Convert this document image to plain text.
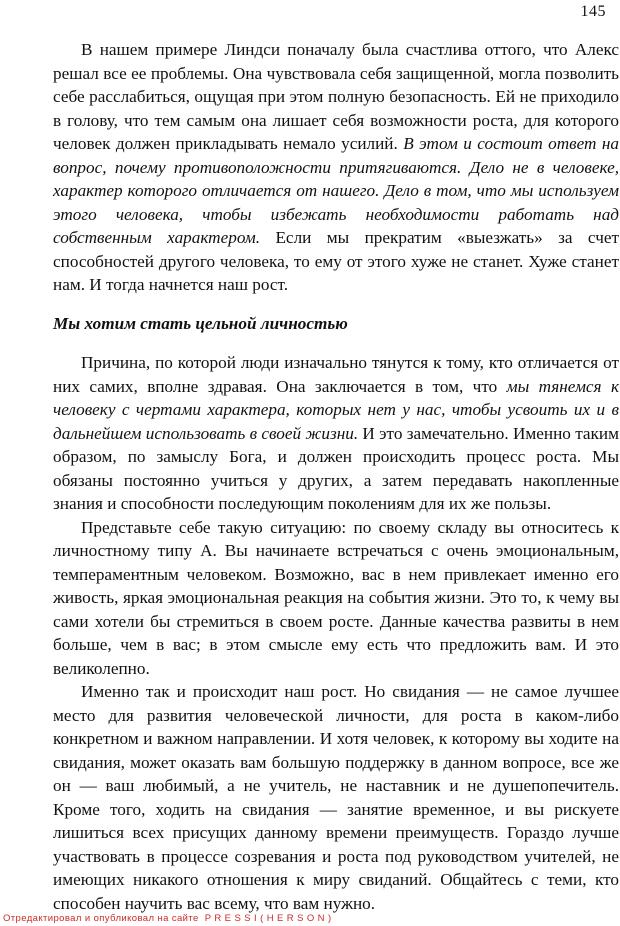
145

В нашем примере Линдси поначалу была счастлива оттого, что Алекс решал все ее проблемы. Она чувствовала себя защищенной, могла позволить себе расслабиться, ощущая при этом полную безопасность. Ей не приходило в голову, что тем самым она лишает себя возможности роста, для которого человек должен прикладывать немало усилий. В этом и состоит ответ на вопрос, почему противоположности притягиваются. Дело не в человеке, характер которого отличается от нашего. Дело в том, что мы используем этого человека, чтобы избежать необходимости работать над собственным характером. Если мы прекратим «выезжать» за счет способностей другого человека, то ему от этого хуже не станет. Хуже станет нам. И тогда начнется наш рост.

Мы хотим стать цельной личностью

Причина, по которой люди изначально тянутся к тому, кто отличается от них самих, вполне здравая. Она заключается в том, что мы тянемся к человеку с чертами характера, которых нет у нас, чтобы усвоить их и в дальнейшем использовать в своей жизни. И это замечательно. Именно таким образом, по замыслу Бога, и должен происходить процесс роста. Мы обязаны постоянно учиться у других, а затем передавать накопленные знания и способности последующим поколениям для их же пользы.

Представьте себе такую ситуацию: по своему складу вы относитесь к личностному типу А. Вы начинаете встречаться с очень эмоциональным, темпераментным человеком. Возможно, вас в нем привлекает именно его живость, яркая эмоциональная реакция на события жизни. Это то, к чему вы сами хотели бы стремиться в своем росте. Данные качества развиты в нем больше, чем в вас; в этом смысле ему есть что предложить вам. И это великолепно.

Именно так и происходит наш рост. Но свидания — не самое лучшее место для развития человеческой личности, для роста в каком-либо конкретном и важном направлении. И хотя человек, к которому вы ходите на свидания, может оказать вам большую поддержку в данном вопросе, все же он — ваш любимый, а не учитель, не наставник и не душепопечитель. Кроме того, ходить на свидания — занятие временное, и вы рискуете лишиться всех присущих данному времени преимуществ. Гораздо лучше участвовать в процессе созревания и роста под руководством учителей, не имеющих никакого отношения к миру свиданий. Общайтесь с теми, кто способен научить вас всему, что вам нужно.

Отредактировал и опубликовал на сайте  P R E S S I ( H E R S O N )
